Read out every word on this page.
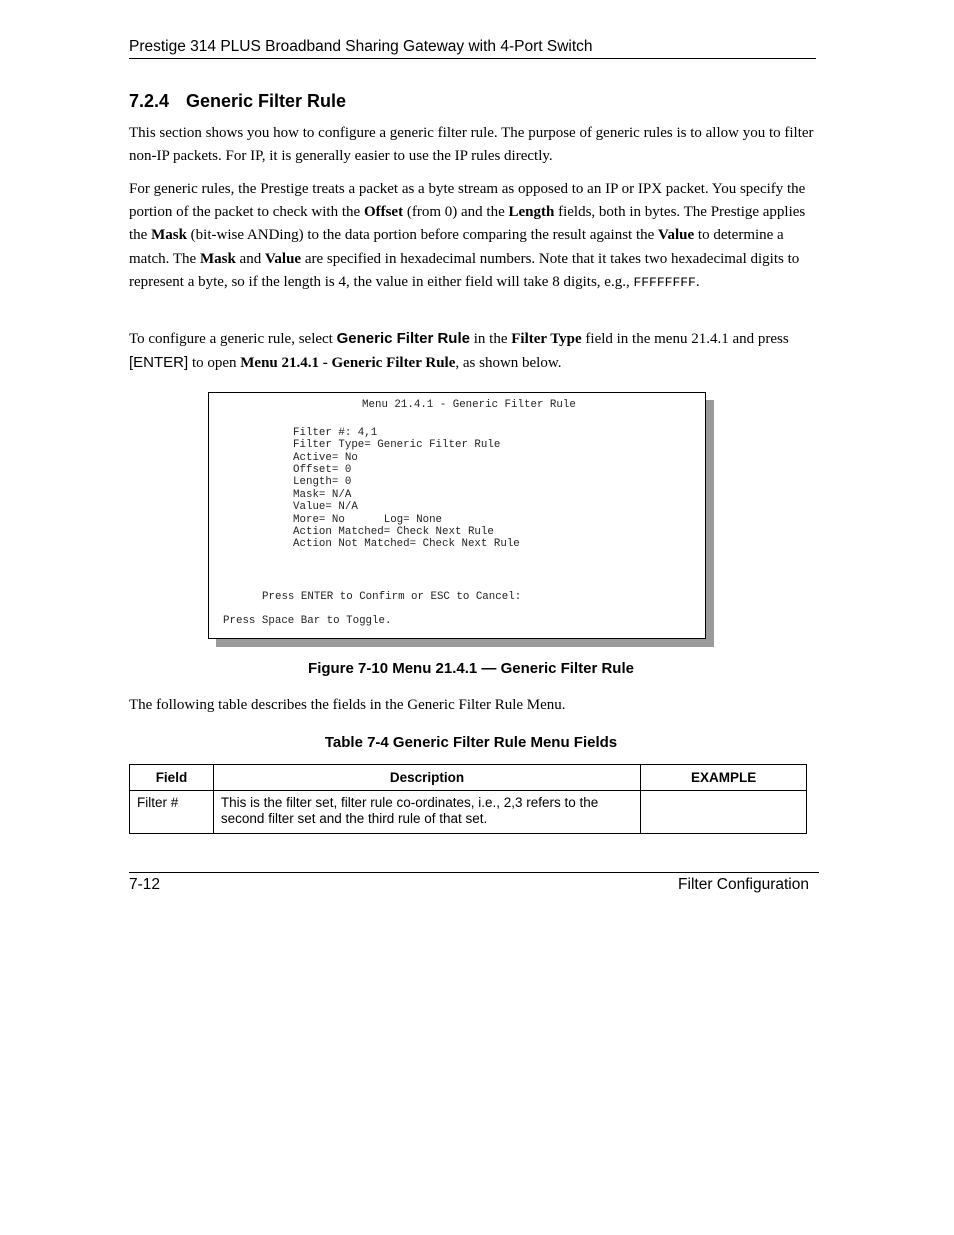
Prestige 314 PLUS Broadband Sharing Gateway with 4-Port Switch
7.2.4 Generic Filter Rule

This section shows you how to configure a generic filter rule. The purpose of generic rules is to allow you to filter non-IP packets. For IP, it is generally easier to use the IP rules directly.

For generic rules, the Prestige treats a packet as a byte stream as opposed to an IP or IPX packet. You specify the portion of the packet to check with the Offset (from 0) and the Length fields, both in bytes. The Prestige applies the Mask (bit-wise ANDing) to the data portion before comparing the result against the Value to determine a match. The Mask and Value are specified in hexadecimal numbers. Note that it takes two hexadecimal digits to represent a byte, so if the length is 4, the value in either field will take 8 digits, e.g., FFFFFFFF.

To configure a generic rule, select Generic Filter Rule in the Filter Type field in the menu 21.4.1 and press [ENTER] to open Menu 21.4.1 - Generic Filter Rule, as shown below.

Menu 21.4.1 - Generic Filter Rule
Filter #: 4,1
Filter Type= Generic Filter Rule
Active= No
Offset= 0
Length= 0
Mask= N/A
Value= N/A
More= No      Log= None
Action Matched= Check Next Rule
Action Not Matched= Check Next Rule
Press ENTER to Confirm or ESC to Cancel:
Press Space Bar to Toggle.
Figure 7-10 Menu 21.4.1 — Generic Filter Rule

The following table describes the fields in the Generic Filter Rule Menu.

Table 7-4 Generic Filter Rule Menu Fields
Field	Description	EXAMPLE
Filter #	This is the filter set, filter rule co-ordinates, i.e., 2,3 refers to the second filter set and the third rule of that set.	
7-12	Filter Configuration
